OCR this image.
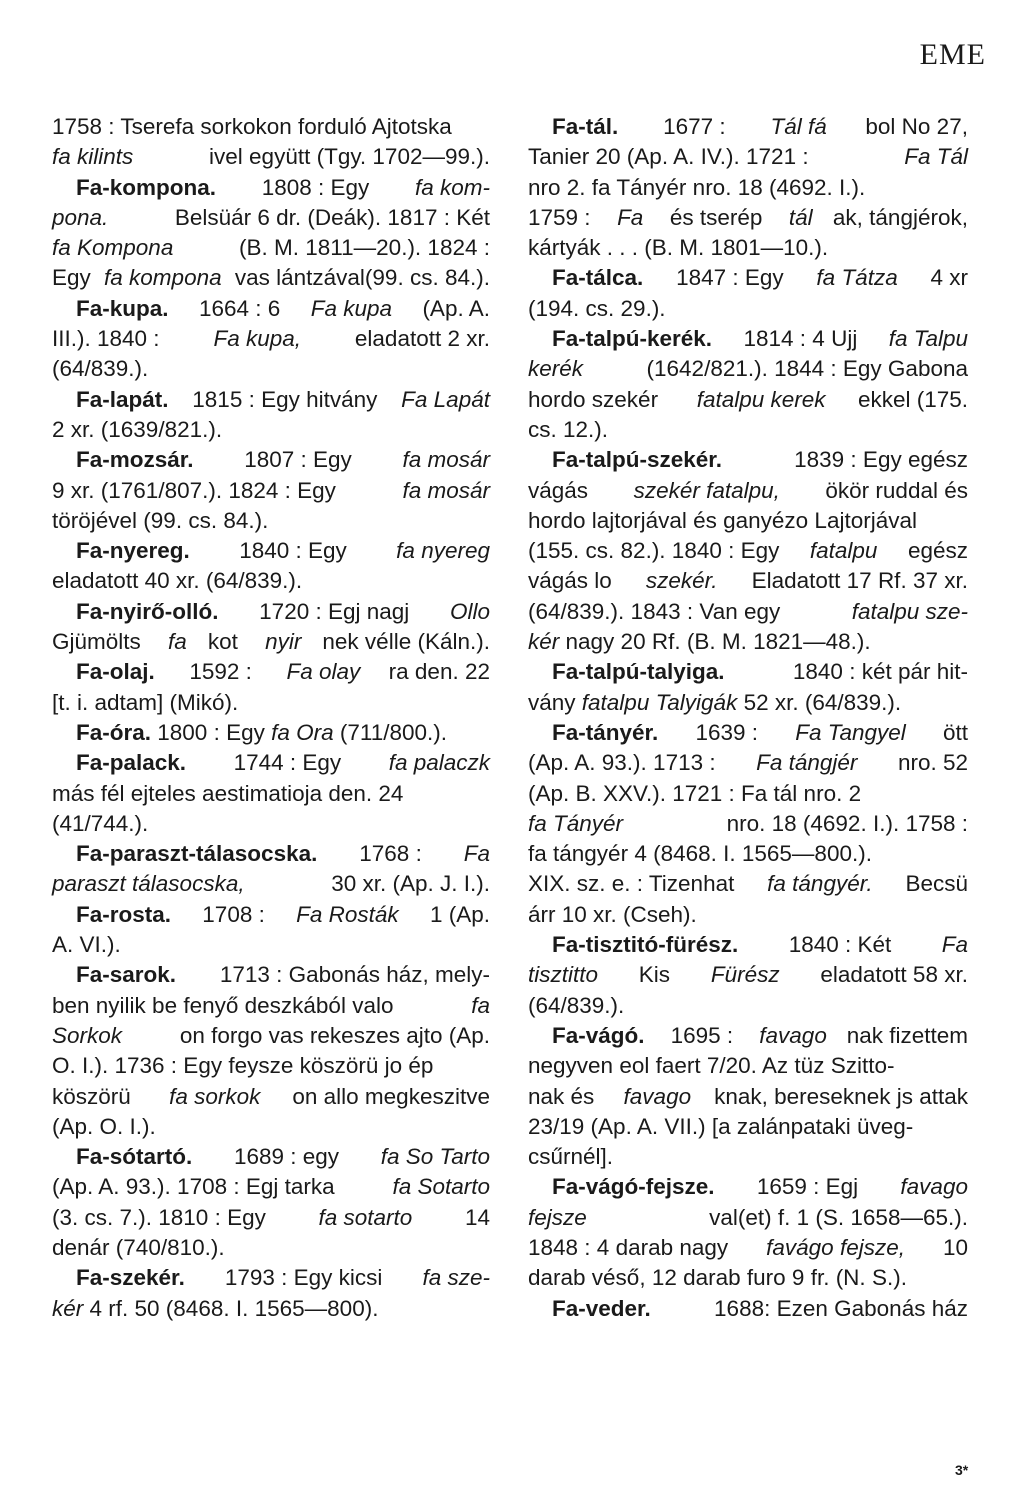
EME
1758 : Tserefa sorkokon forduló Ajtotska
fa kilints	ivel együtt (Tgy. 1702—99.).
Fa-kompona. 1808 : Egy fa kom-
pona.	Belsüár 6 dr. (Deák). 1817 : Két
fa Kompona	(B. M. 1811—20.). 1824 :
Egy fa kompona vas lántzával(99. cs. 84.).
Fa-kupa. 1664 : 6 Fa kupa (Ap. A.
III.). 1840 : Fa kupa, eladatott 2 xr.
(64/839.).
Fa-lapát. 1815 : Egy hitvány Fa Lapát
2 xr. (1639/821.).
Fa-mozsár. 1807 : Egy fa mosár
9 xr. (1761/807.). 1824 : Egy	fa mosár
töröjével (99. cs. 84.).
Fa-nyereg. 1840 : Egy fa nyereg
eladatott 40 xr. (64/839.).
Fa-nyirő-olló. 1720 : Egj nagj Ollo
Gjümölts fa kot nyir nek vélle (Káln.).
Fa-olaj. 1592 : Fa olay ra den. 22
[t. i. adtam] (Mikó).
Fa-óra. 1800 : Egy fa Ora (711/800.).
Fa-palack. 1744 : Egy fa palaczk
más fél ejteles aestimatioja den. 24
(41/744.).
Fa-paraszt-tálasocska. 1768 : Fa
paraszt tálasocska,	30 xr. (Ap. J. I.).
Fa-rosta. 1708 : Fa Rosták 1 (Ap.
A. VI.).
Fa-sarok. 1713 : Gabonás ház, mely-
ben nyilik be fenyő deszkából valo	fa
Sorkok	on forgo vas rekeszes ajto (Ap.
O. I.). 1736 : Egy feysze köszörü jo ép
köszörü fa sorkok on allo megkeszitve
(Ap. O. I.).
Fa-sótartó. 1689 : egy fa So Tarto
(Ap. A. 93.). 1708 : Egj tarka fa Sotarto
(3. cs. 7.). 1810 : Egy fa sotarto 14
denár (740/810.).
Fa-szekér. 1793 : Egy kicsi fa sze-
kér 4 rf. 50 (8468. I. 1565—800).
Fa-tál. 1677 : Tál fá bol No 27,
Tanier 20 (Ap. A. IV.). 1721 :	Fa Tál
nro 2. fa Tányér nro. 18 (4692. I.).
1759 : Fa és tserép tál ak, tángjérok,
kártyák . . . (B. M. 1801—10.).
Fa-tálca. 1847 : Egy fa Tátza 4 xr
(194. cs. 29.).
Fa-talpú-kerék. 1814 : 4 Ujj fa Talpu
kerék	(1642/821.). 1844 : Egy Gabona
hordo szekér fatalpu kerek ekkel (175.
cs. 12.).
Fa-talpú-szekér.	1839 : Egy egész
vágás szekér fatalpu, ökör ruddal és
hordo lajtorjával és ganyézo Lajtorjával
(155. cs. 82.). 1840 : Egy fatalpu egész
vágás lo szekér. Eladatott 17 Rf. 37 xr.
(64/839.). 1843 : Van egy	fatalpu sze-
kér nagy 20 Rf. (B. M. 1821—48.).
Fa-talpú-talyiga.	1840 : két pár hit-
vány fatalpu Talyigák 52 xr. (64/839.).
Fa-tányér. 1639 : Fa Tangyel ött
(Ap. A. 93.). 1713 : Fa tángjér nro. 52
(Ap. B. XXV.). 1721 : Fa tál nro. 2
fa Tányér	nro. 18 (4692. I.). 1758 :
fa tángyér 4 (8468. I. 1565—800.).
XIX. sz. e. : Tizenhat fa tángyér. Becsü
árr 10 xr. (Cseh).
Fa-tisztitó-fürész. 1840 : Két Fa
tisztitto Kis Fürész eladatott 58 xr.
(64/839.).
Fa-vágó. 1695 : favago nak fizettem
negyven eol faert 7/20. Az tüz Szitto-
nak és favago knak, bereseknek js attak
23/19 (Ap. A. VII.) [a zalánpataki üveg-
csűrnél].
Fa-vágó-fejsze. 1659 : Egj favago
fejsze	val(et) f. 1 (S. 1658—65.).
1848 : 4 darab nagy favágo fejsze, 10
darab véső, 12 darab furo 9 fr. (N. S.).
Fa-veder.	1688: Ezen Gabonás ház
3*
